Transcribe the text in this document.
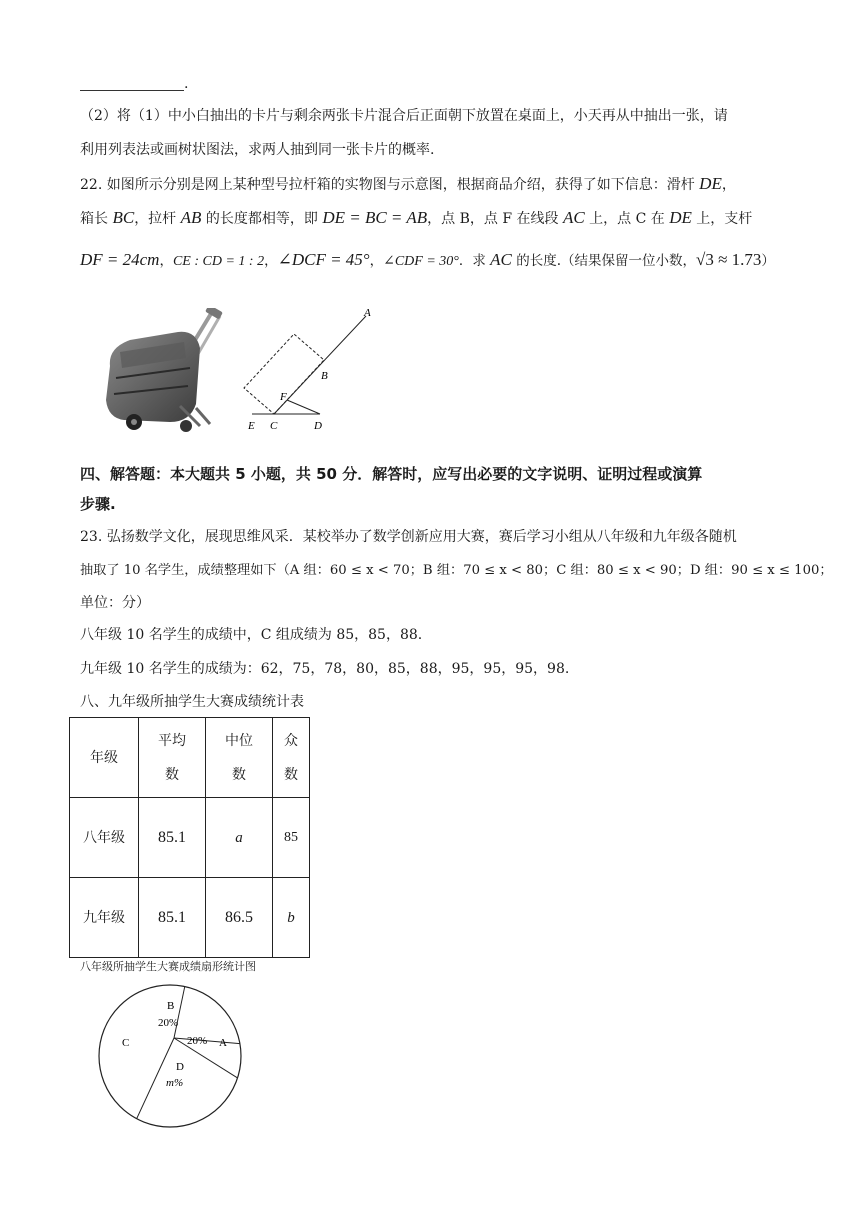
.
（2）将（1）中小白抽出的卡片与剩余两张卡片混合后正面朝下放置在桌面上，小天再从中抽出一张，请
利用列表法或画树状图法，求两人抽到同一张卡片的概率.
22. 如图所示分别是网上某种型号拉杆箱的实物图与示意图，根据商品介绍，获得了如下信息：滑杆 DE，
箱长 BC，拉杆 AB 的长度都相等，即 DE = BC = AB，点 B，点 F 在线段 AC 上，点 C 在 DE 上，支杆
DF = 24cm，CE : CD = 1 : 2，∠DCF = 45°，∠CDF = 30°．求 AC 的长度.（结果保留一位小数，√3 ≈ 1.73）
A
B
F
E C	D
四、解答题：本大题共 5 小题，共 50 分．解答时，应写出必要的文字说明、证明过程或演算
步骤.
23. 弘扬数学文化，展现思维风采．某校举办了数学创新应用大赛，赛后学习小组从八年级和九年级各随机
抽取了 10 名学生，成绩整理如下（A 组：60 ≤ x < 70；B 组：70 ≤ x < 80；C 组：80 ≤ x < 90；D 组：90 ≤ x ≤ 100；
单位：分）
八年级 10 名学生的成绩中，C 组成绩为 85，85，88.
九年级 10 名学生的成绩为：62，75，78，80，85，88，95，95，95，98.
八、九年级所抽学生大赛成绩统计表
年级	平均数	中位数	众数
八年级	85.1	a	85
九年级	85.1	86.5	b
八年级所抽学生大赛成绩扇形统计图
A
20%
B
20%
C
D
m%
